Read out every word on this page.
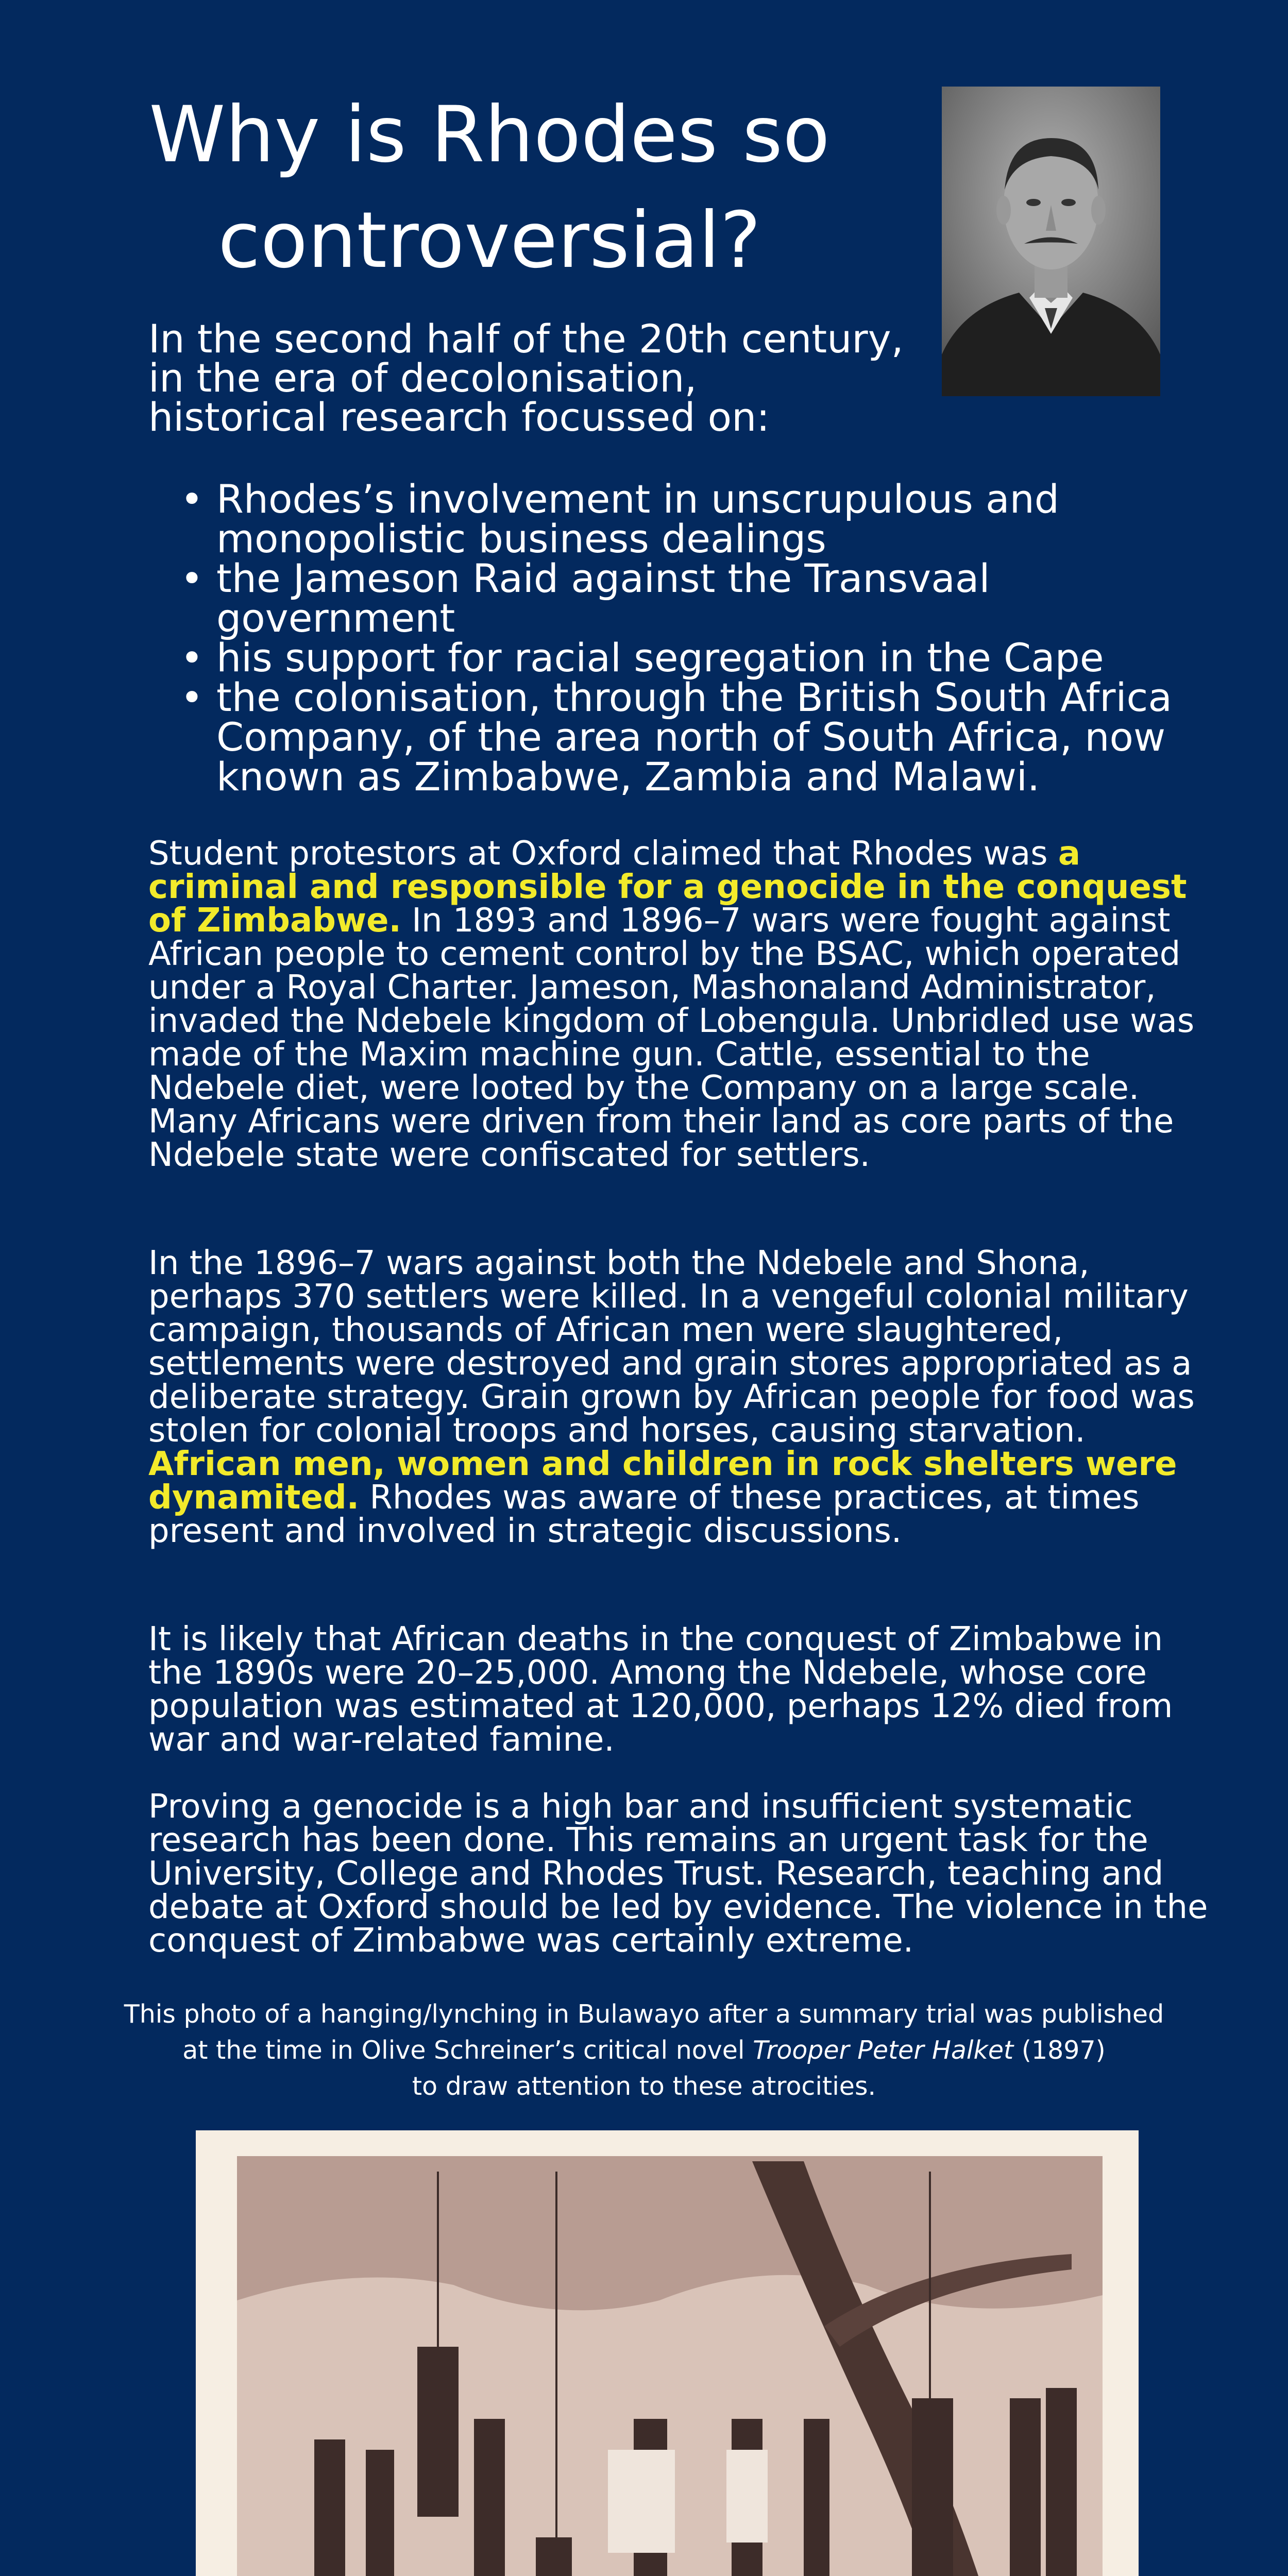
Why is Rhodes so controversial?

In the second half of the 20th century,
in the era of decolonisation,
historical research focussed on:

• Rhodes’s involvement in unscrupulous and monopolistic business dealings
• the Jameson Raid against the Transvaal government
• his support for racial segregation in the Cape
• the colonisation, through the British South Africa Company, of the area north of South Africa, now known as Zimbabwe, Zambia and Malawi.

Student protestors at Oxford claimed that Rhodes was a criminal and responsible for a genocide in the conquest of Zimbabwe. In 1893 and 1896–7 wars were fought against African people to cement control by the BSAC, which operated under a Royal Charter. Jameson, Mashonaland Administrator, invaded the Ndebele kingdom of Lobengula. Unbridled use was made of the Maxim machine gun. Cattle, essential to the Ndebele diet, were looted by the Company on a large scale. Many Africans were driven from their land as core parts of the Ndebele state were confiscated for settlers.

In the 1896–7 wars against both the Ndebele and Shona, perhaps 370 settlers were killed. In a vengeful colonial military campaign, thousands of African men were slaughtered, settlements were destroyed and grain stores appropriated as a deliberate strategy. Grain grown by African people for food was stolen for colonial troops and horses, causing starvation. African men, women and children in rock shelters were dynamited. Rhodes was aware of these practices, at times present and involved in strategic discussions.

It is likely that African deaths in the conquest of Zimbabwe in the 1890s were 20–25,000. Among the Ndebele, whose core population was estimated at 120,000, perhaps 12% died from war and war-related famine.

Proving a genocide is a high bar and insufficient systematic research has been done. This remains an urgent task for the University, College and Rhodes Trust. Research, teaching and debate at Oxford should be led by evidence. The violence in the conquest of Zimbabwe was certainly extreme.

This photo of a hanging/lynching in Bulawayo after a summary trial was published
at the time in Olive Schreiner’s critical novel Trooper Peter Halket (1897)
to draw attention to these atrocities.
